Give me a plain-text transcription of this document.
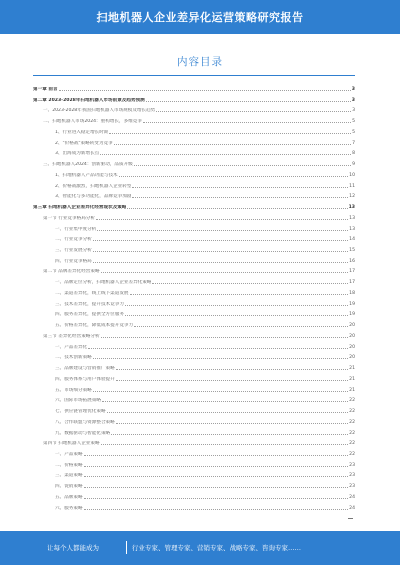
扫地机器人企业差异化运营策略研究报告
内容目录
第一章 前言	3
第二章 2023-2028年扫地机器人市场前景及趋势预测	3
一、2023-2028年我国扫地机器人市场规模及增长趋势	3
二、扫地机器人市场2024：重构增长，多维竞争	5
1、行业进入稳定增长时期	5
2、"价格战"策略转变为竞争	7
3、出海成为新增长点	8
三、扫地机器人2024：创新驱动，品质升级	9
1、扫地机器人产品功能与技术	10
2、价格战激烈，扫地机器人企业转型	11
3、智能化与多功能化，品牌竞争加剧	12
第三章 扫地机器人企业差异化经营现状及策略	13
第一节 行业竞争格局分析	13
一、行业集中度分析	13
二、行业竞争分析	14
三、行业发展分析	15
四、行业竞争格局	16
第二节 品牌差异化经营策略	17
一、品牌定位分析，扫地机器人企业差异化策略	17
二、渠道差异化，线上线下渠道发展	18
三、技术差异化，提升技术竞争力	19
四、服务差异化，提供全方位服务	19
五、价格差异化，降低成本提升竞争力	20
第三节 差异化经营策略分析	20
一、产品差异化	20
二、技术创新策略	20
三、品牌建设与营销推广策略	21
四、服务体系与用户体验提升	21
五、市场细分策略	21
六、国际市场拓展策略	22
七、供应链管理优化策略	22
八、合作联盟与资源整合策略	22
九、数据驱动与智能化策略	22
第四节 扫地机器人企业策略	22
一、产品策略	22
二、价格策略	23
三、渠道策略	23
四、促销策略	23
五、品牌策略	24
六、服务策略	24
让每个人都能成为	行业专家、管理专家、营销专家、战略专家、咨询专家……
